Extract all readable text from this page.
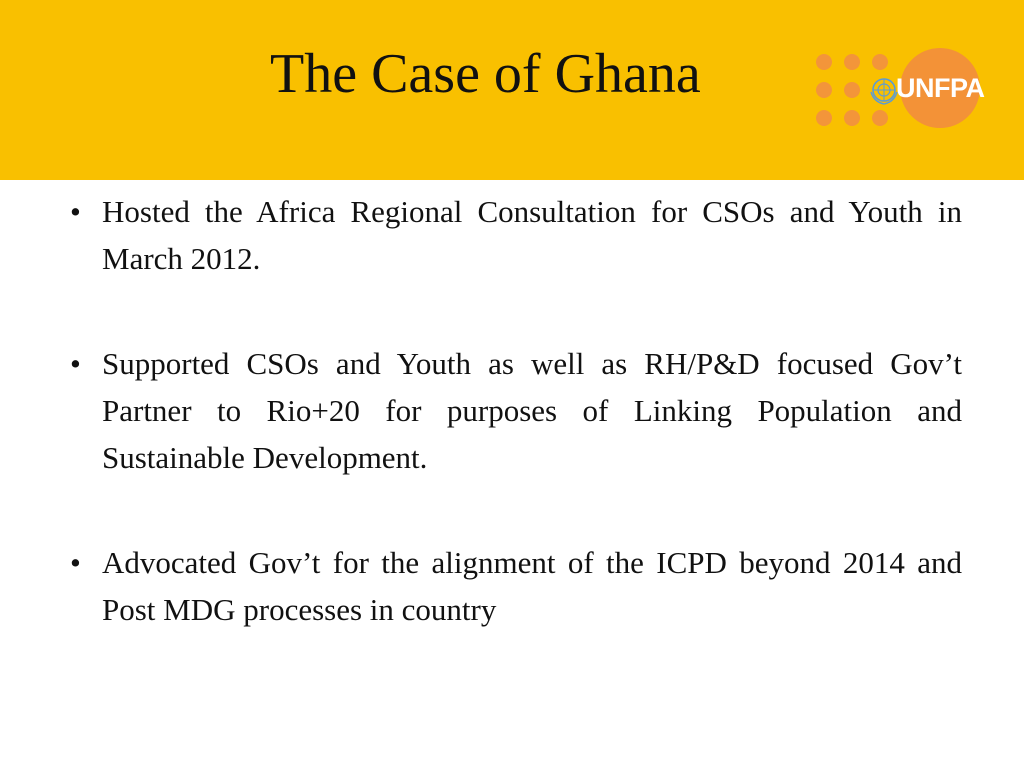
The Case of Ghana	UNFPA
• Hosted the Africa Regional Consultation for CSOs and Youth in March 2012.
• Supported CSOs and Youth as well as RH/P&D focused Gov’t Partner to Rio+20 for purposes of Linking Population and Sustainable Development.
• Advocated Gov’t for the alignment of the ICPD beyond 2014 and Post MDG processes in country
